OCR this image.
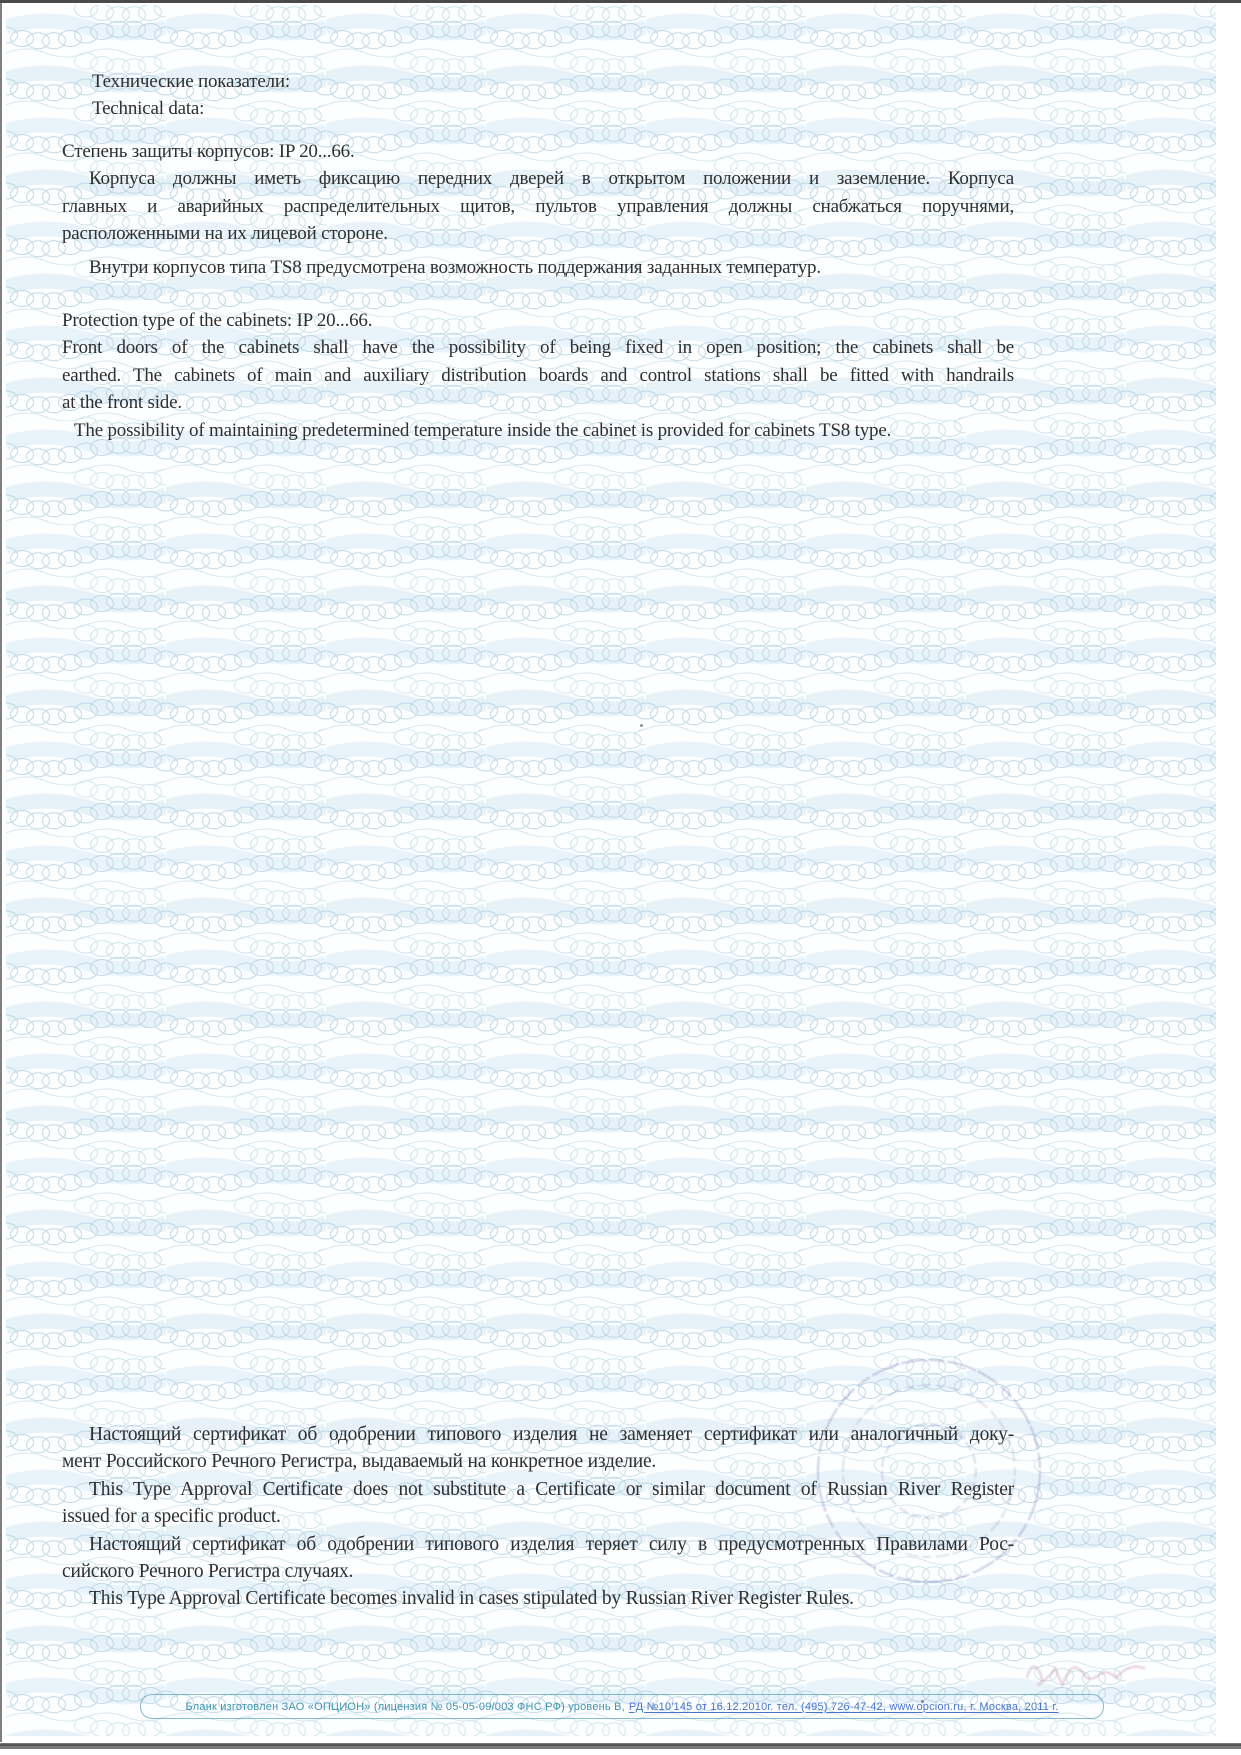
Технические показатели:
Technical data:
Степень защиты корпусов: IP 20...66.
Корпуса должны иметь фиксацию передних дверей в открытом положении и заземление. Корпуса
главных и аварийных распределительных щитов, пультов управления должны снабжаться поручнями,
расположенными на их лицевой стороне.
Внутри корпусов типа TS8 предусмотрена возможность поддержания заданных температур.
Protection type of the cabinets: IP 20...66.
Front doors of the cabinets shall have the possibility of being fixed in open position; the cabinets shall be
earthed. The cabinets of main and auxiliary distribution boards and control stations shall be fitted with handrails
at the front side.
The possibility of maintaining predetermined temperature inside the cabinet is provided for cabinets TS8 type.
Настоящий сертификат об одобрении типового изделия не заменяет сертификат или аналогичный доку-
мент Российского Речного Регистра, выдаваемый на конкретное изделие.
This Type Approval Certificate does not substitute a Certificate or similar document of Russian River Register
issued for a specific product.
Настоящий сертификат об одобрении типового изделия теряет силу в предусмотренных Правилами Рос-
сийского Речного Регистра случаях.
This Type Approval Certificate becomes invalid in cases stipulated by Russian River Register Rules.
Бланк изготовлен ЗАО «ОПЦИОН» (лицензия № 05-05-09/003 ФНС РФ) уровень В, РД №10'145 от 16.12.2010г. тел. (495) 726-47-42, www.opcion.ru, г. Москва, 2011 г.
